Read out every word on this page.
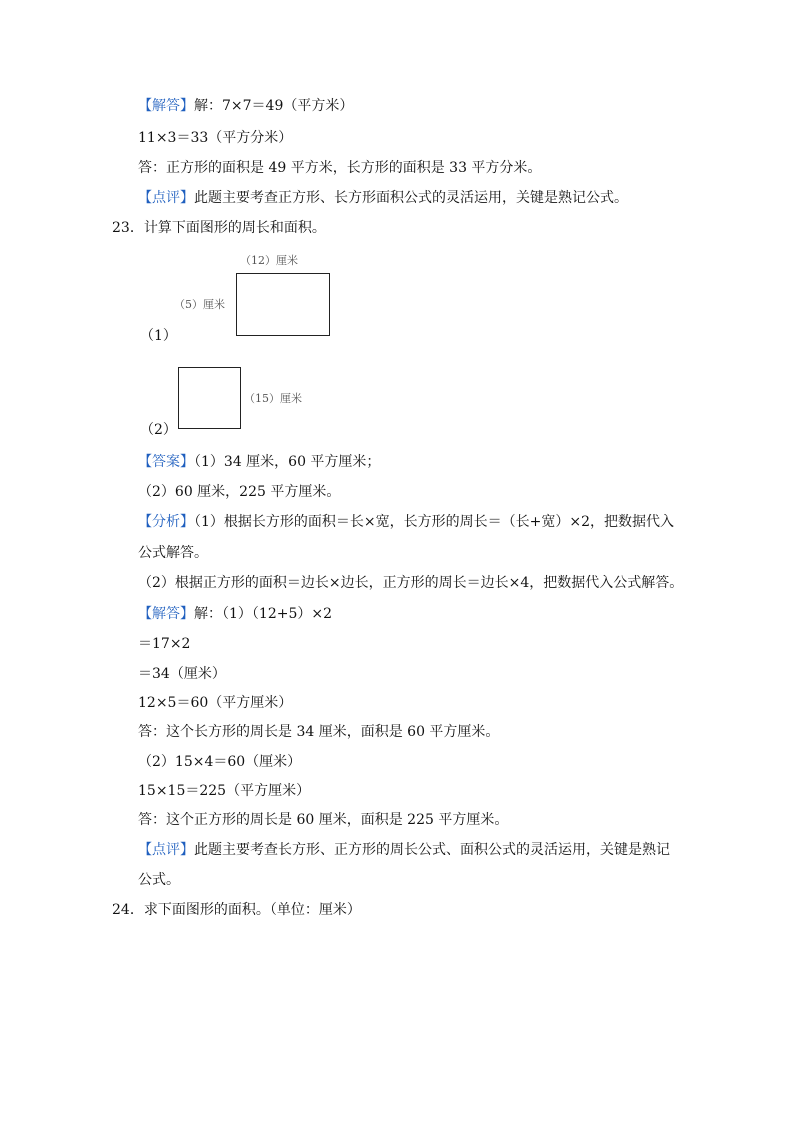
【解答】解：7×7＝49（平方米）
11×3＝33（平方分米）
答：正方形的面积是 49 平方米，长方形的面积是 33 平方分米。
【点评】此题主要考查正方形、长方形面积公式的灵活运用，关键是熟记公式。
23．计算下面图形的周长和面积。
（12）厘米
（5）厘米
（1）
（15）厘米
（2）
【答案】（1）34 厘米，60 平方厘米；
（2）60 厘米，225 平方厘米。
【分析】（1）根据长方形的面积＝长×宽，长方形的周长＝（长+宽）×2，把数据代入
公式解答。
（2）根据正方形的面积＝边长×边长，正方形的周长＝边长×4，把数据代入公式解答。
【解答】解：（1）（12+5）×2
＝17×2
＝34（厘米）
12×5＝60（平方厘米）
答：这个长方形的周长是 34 厘米，面积是 60 平方厘米。
（2）15×4＝60（厘米）
15×15＝225（平方厘米）
答：这个正方形的周长是 60 厘米，面积是 225 平方厘米。
【点评】此题主要考查长方形、正方形的周长公式、面积公式的灵活运用，关键是熟记
公式。
24．求下面图形的面积。（单位：厘米）
